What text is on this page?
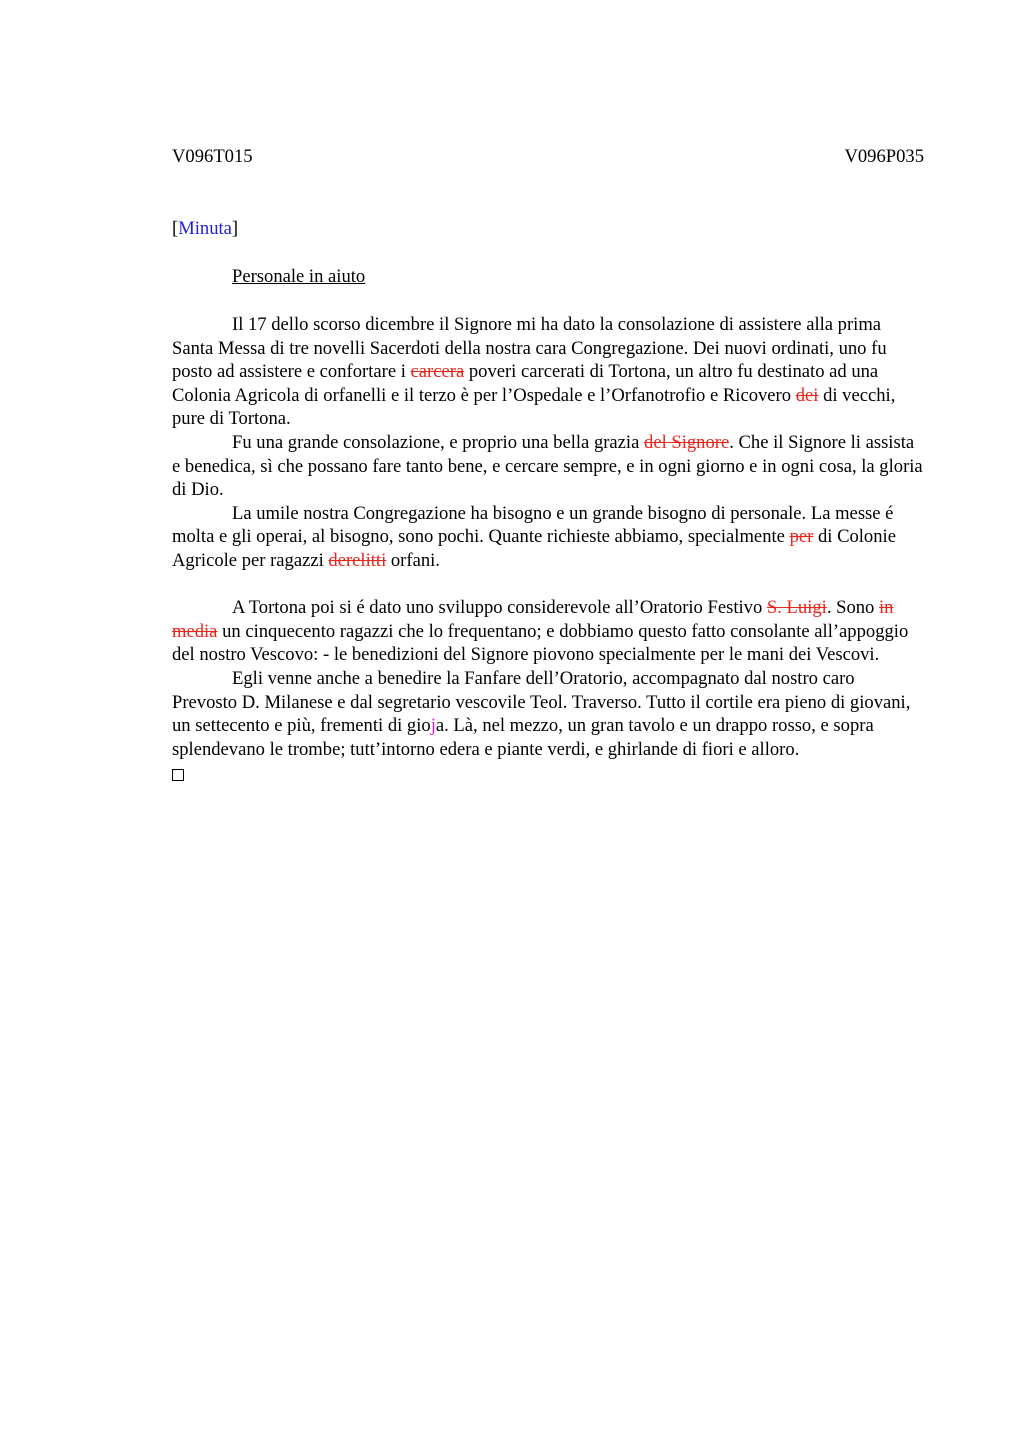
V096T015	V096P035
[Minuta]
Personale in aiuto

Il 17 dello scorso dicembre il Signore mi ha dato la consolazione di assistere alla prima Santa Messa di tre novelli Sacerdoti della nostra cara Congregazione. Dei nuovi ordinati, uno fu posto ad assistere e confortare i carcera poveri carcerati di Tortona, un altro fu destinato ad una Colonia Agricola di orfanelli e il terzo è per l’Ospedale e l’Orfanotrofio e Ricovero dei di vecchi, pure di Tortona.

Fu una grande consolazione, e proprio una bella grazia del Signore. Che il Signore li assista e benedica, sì che possano fare tanto bene, e cercare sempre, e in ogni giorno e in ogni cosa, la gloria di Dio.

La umile nostra Congregazione ha bisogno e un grande bisogno di personale. La messe é molta e gli operai, al bisogno, sono pochi. Quante richieste abbiamo, specialmente per di Colonie Agricole per ragazzi derelitti orfani.

A Tortona poi si é dato uno sviluppo considerevole all’Oratorio Festivo S. Luigi. Sono in media un cinquecento ragazzi che lo frequentano; e dobbiamo questo fatto consolante all’appoggio del nostro Vescovo: - le benedizioni del Signore piovono specialmente per le mani dei Vescovi.

Egli venne anche a benedire la Fanfare dell’Oratorio, accompagnato dal nostro caro Prevosto D. Milanese e dal segretario vescovile Teol. Traverso. Tutto il cortile era pieno di giovani, un settecento e più, frementi di gioja. Là, nel mezzo, un gran tavolo e un drappo rosso, e sopra splendevano le trombe; tutt’intorno edera e piante verdi, e ghirlande di fiori e alloro.
